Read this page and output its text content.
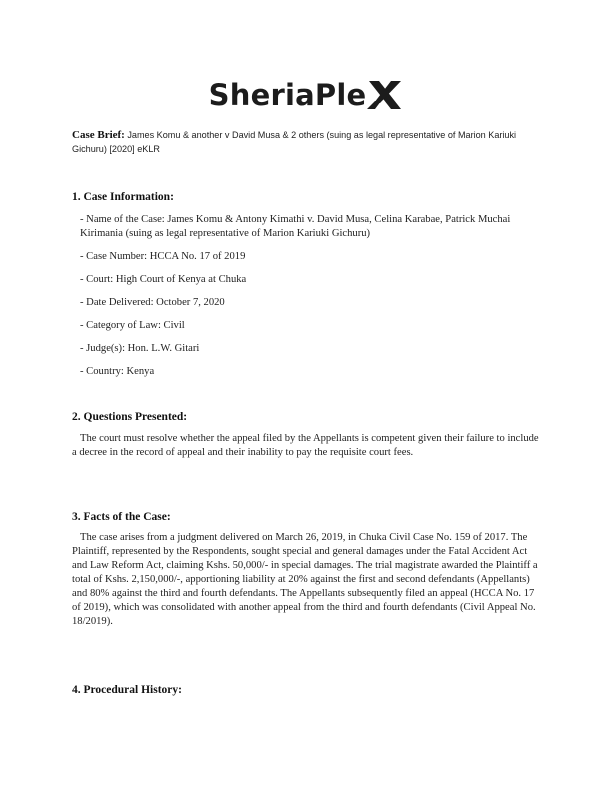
SheriaPle
Case Brief: James Komu & another v David Musa & 2 others (suing as legal representative of Marion Kariuki Gichuru) [2020] eKLR
1. Case Information:
- Name of the Case: James Komu & Antony Kimathi v. David Musa, Celina Karabae, Patrick Muchai Kirimania (suing as legal representative of Marion Kariuki Gichuru)
- Case Number: HCCA No. 17 of 2019
- Court: High Court of Kenya at Chuka
- Date Delivered: October 7, 2020
- Category of Law: Civil
- Judge(s): Hon. L.W. Gitari
- Country: Kenya
2. Questions Presented:
The court must resolve whether the appeal filed by the Appellants is competent given their failure to include a decree in the record of appeal and their inability to pay the requisite court fees.
3. Facts of the Case:
The case arises from a judgment delivered on March 26, 2019, in Chuka Civil Case No. 159 of 2017. The Plaintiff, represented by the Respondents, sought special and general damages under the Fatal Accident Act and Law Reform Act, claiming Kshs. 50,000/- in special damages. The trial magistrate awarded the Plaintiff a total of Kshs. 2,150,000/-, apportioning liability at 20% against the first and second defendants (Appellants) and 80% against the third and fourth defendants. The Appellants subsequently filed an appeal (HCCA No. 17 of 2019), which was consolidated with another appeal from the third and fourth defendants (Civil Appeal No. 18/2019).
4. Procedural History:
